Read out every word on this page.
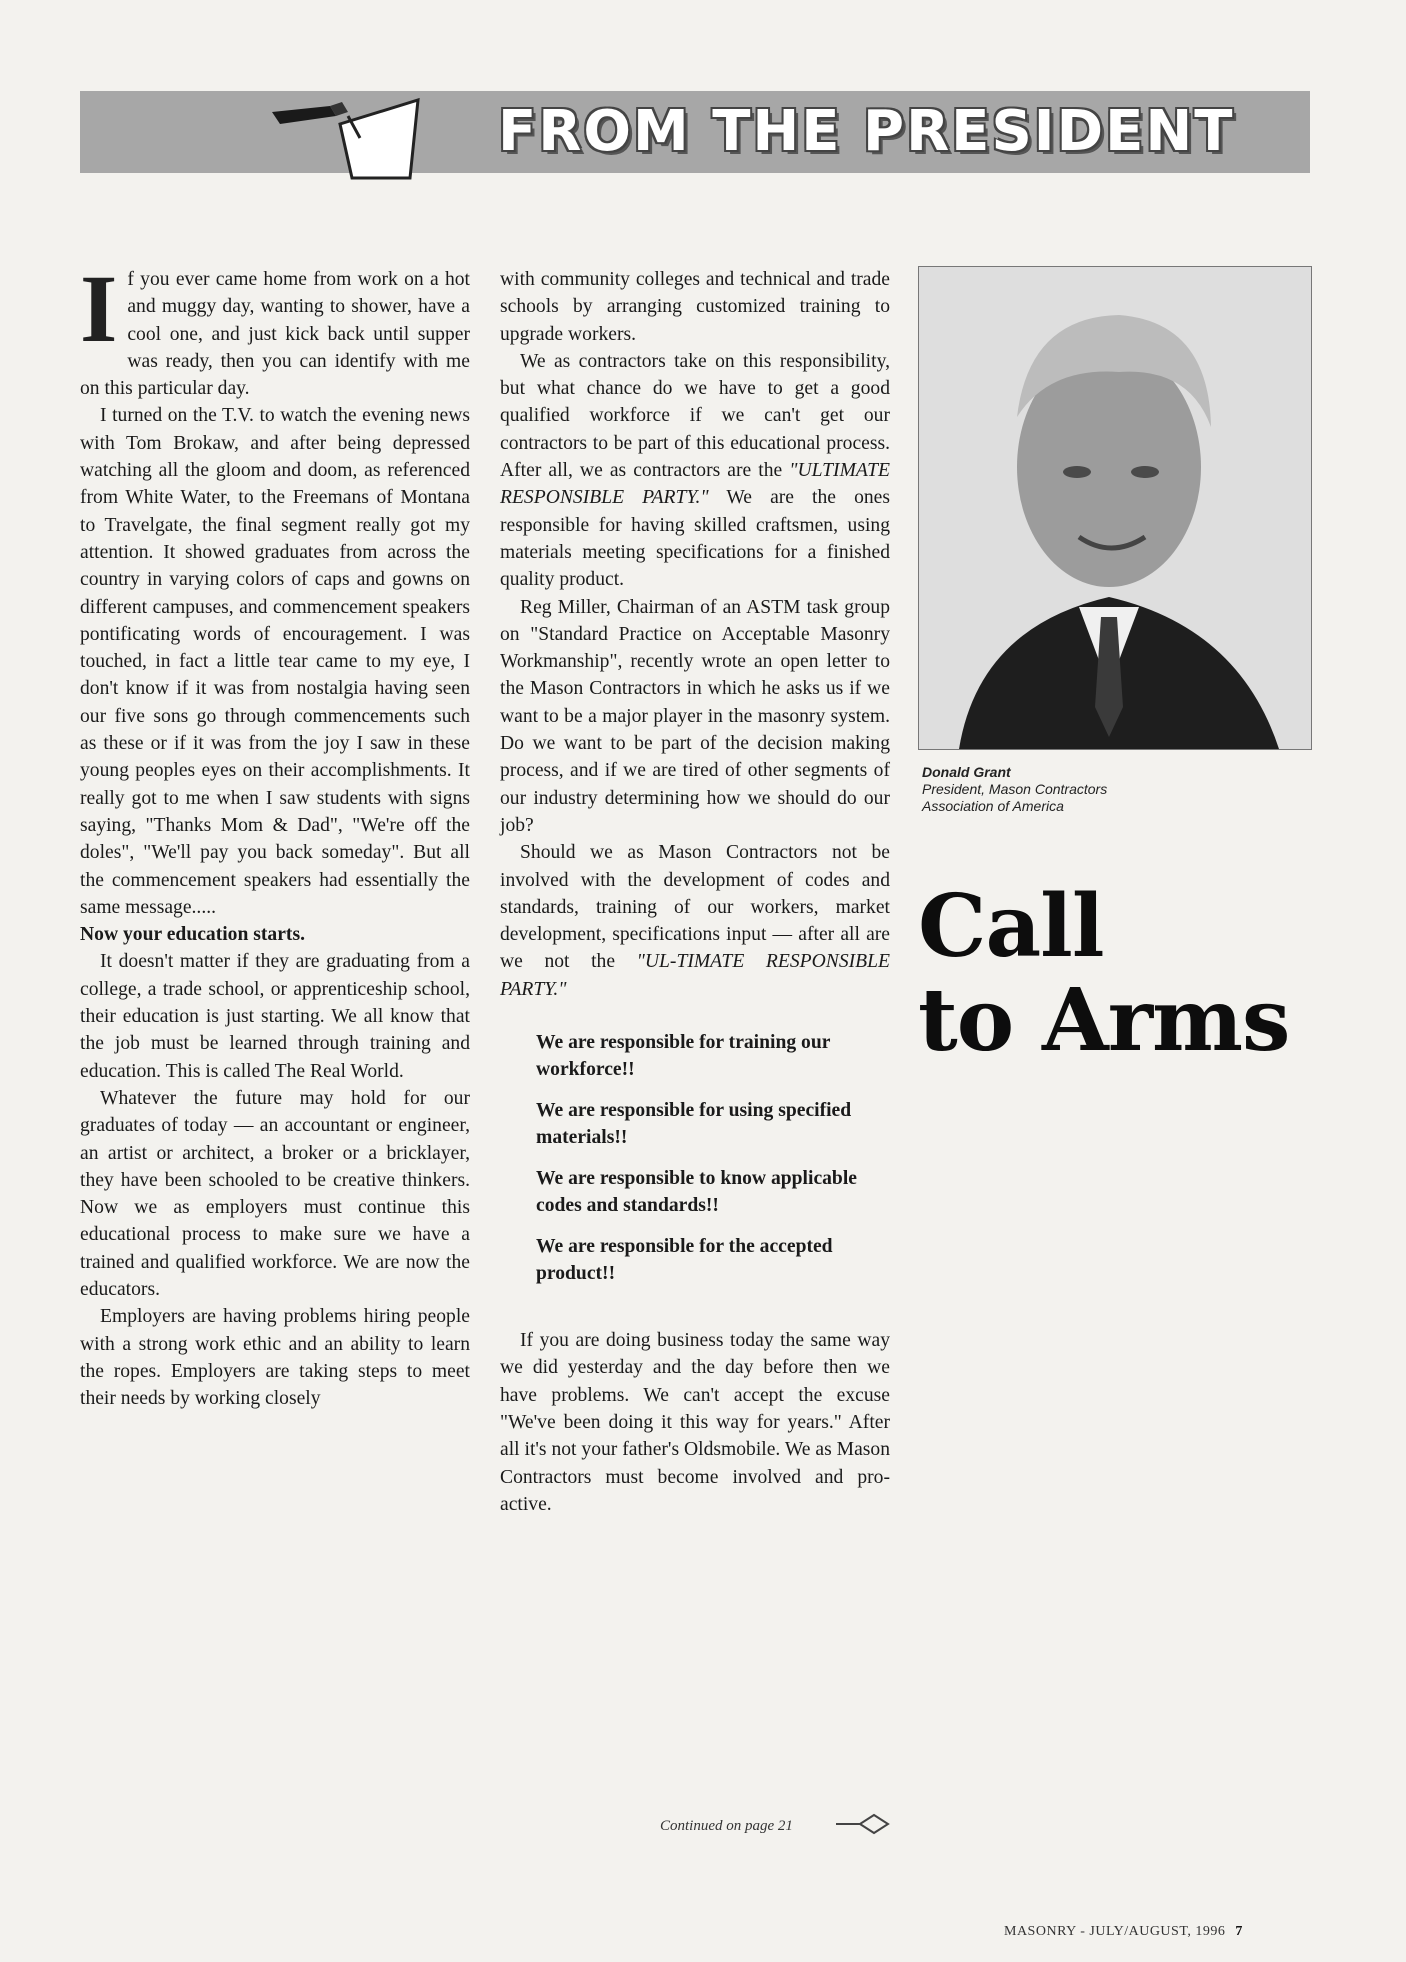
FROM THE PRESIDENT

If you ever came home from work on a hot and muggy day, wanting to shower, have a cool one, and just kick back until supper was ready, then you can identify with me on this particular day.

I turned on the T.V. to watch the evening news with Tom Brokaw, and after being depressed watching all the gloom and doom, as referenced from White Water, to the Freemans of Montana to Travelgate, the final segment really got my attention. It showed graduates from across the country in varying colors of caps and gowns on different campuses, and commencement speakers pontificating words of encouragement. I was touched, in fact a little tear came to my eye, I don't know if it was from nostalgia having seen our five sons go through commencements such as these or if it was from the joy I saw in these young peoples eyes on their accomplishments. It really got to me when I saw students with signs saying, "Thanks Mom & Dad", "We're off the doles", "We'll pay you back someday". But all the commencement speakers had essentially the same message.....
Now your education starts.

It doesn't matter if they are graduating from a college, a trade school, or apprenticeship school, their education is just starting. We all know that the job must be learned through training and education. This is called The Real World.

Whatever the future may hold for our graduates of today — an accountant or engineer, an artist or architect, a broker or a bricklayer, they have been schooled to be creative thinkers. Now we as employers must continue this educational process to make sure we have a trained and qualified workforce. We are now the educators.

Employers are having problems hiring people with a strong work ethic and an ability to learn the ropes. Employers are taking steps to meet their needs by working closely

with community colleges and technical and trade schools by arranging customized training to upgrade workers.

We as contractors take on this responsibility, but what chance do we have to get a good qualified workforce if we can't get our contractors to be part of this educational process. After all, we as contractors are the "ULTIMATE RESPONSIBLE PARTY." We are the ones responsible for having skilled craftsmen, using materials meeting specifications for a finished quality product.

Reg Miller, Chairman of an ASTM task group on "Standard Practice on Acceptable Masonry Workmanship", recently wrote an open letter to the Mason Contractors in which he asks us if we want to be a major player in the masonry system. Do we want to be part of the decision making process, and if we are tired of other segments of our industry determining how we should do our job?

Should we as Mason Contractors not be involved with the development of codes and standards, training of our workers, market development, specifications input — after all are we not the "UL-TIMATE RESPONSIBLE PARTY."

We are responsible for training our workforce!!
We are responsible for using specified materials!!
We are responsible to know applicable codes and standards!!
We are responsible for the accepted product!!

If you are doing business today the same way we did yesterday and the day before then we have problems. We can't accept the excuse "We've been doing it this way for years." After all it's not your father's Oldsmobile. We as Mason Contractors must become involved and pro-active.

Continued on page 21
Donald Grant
President, Mason Contractors
Association of America
Call
to Arms
MASONRY - JULY/AUGUST, 1996 7
